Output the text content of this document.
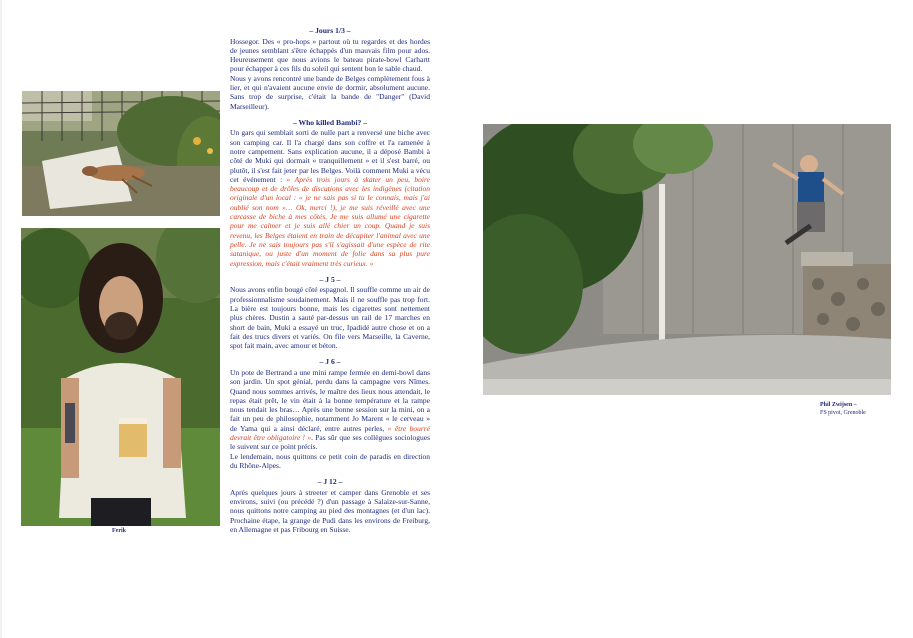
Ferik
Phil Zwijsen –
FS pivot, Grenoble
– Jours 1/3 –

Hossegor. Des « pro-hops » partout où tu regardes et des hordes de jeunes semblant s'être échappés d'un mauvais film pour ados. Heureusement que nous avions le bateau pirate-bowl Carhartt pour échapper à ces fils du soleil qui sentent bon le sable chaud.

Nous y avons rencontré une bande de Belges complètement fous à lier, et qui n'avaient aucune envie de dormir, absolument aucune. Sans trop de surprise, c'était la bande de "Danger" (David Marseilleur).

– Who killed Bambi? –

Un gars qui semblait sorti de nulle part a renversé une biche avec son camping car. Il l'a chargé dans son coffre et l'a ramenée à notre campement. Sans explication aucune, il a déposé Bambi à côté de Muki qui dormait « tranquillement » et il s'est barré, ou plutôt, il s'est fait jeter par les Belges. Voilà comment Muki a vécu cet événement : « Après trois jours à skater un peu, boire beaucoup et de drôles de discutions avec les indigènes (citation originale d'un local : « je ne sais pas si tu le connais, mais j'ai oublié son nom »… Ok, merci !), je me suis réveillé avec une carcasse de biche à mes côtés. Je me suis allumé une cigarette pour me calmer et je suis allé chier un coup. Quand je suis revenu, les Belges étaient en train de décapiter l'animal avec une pelle. Je ne sais toujours pas s'il s'agissait d'une espèce de rite satanique, ou juste d'un moment de folie dans sa plus pure expression, mais c'était vraiment très curieux. »

– J 5 –

Nous avons enfin bougé côté espagnol. Il souffle comme un air de professionnalisme soudainement. Mais il ne souffle pas trop fort. La bière est toujours bonne, mais les cigarettes sont nettement plus chères. Dustin a sauté par-dessus un rail de 17 marches en short de bain, Muki a essayé un truc, Ipadidé autre chose et on a fait des trucs divers et variés. On file vers Marseille, la Caverne, spot fait main, avec amour et béton.

– J 6 –

Un pote de Bertrand a une mini rampe fermée en demi-bowl dans son jardin. Un spot génial, perdu dans la campagne vers Nîmes. Quand nous sommes arrivés, le maître des lieux nous attendait, le repas était prêt, le vin était à la bonne température et la rampe nous tendait les bras… Après une bonne session sur la mini, on a fait un peu de philosophie, notamment Jo Marent « le cerveau » de Yama qui a ainsi déclaré, entre autres perles, « être bourré devrait être obligatoire ! ». Pas sûr que ses collègues sociologues le suivent sur ce point précis.

Le lendemain, nous quittons ce petit coin de paradis en direction du Rhône-Alpes.

– J 12 –

Après quelques jours à streeter et camper dans Grenoble et ses environs, suivi (ou précédé ?) d'un passage à Salaize-sur-Sanne, nous quittons notre camping au pied des montagnes (et d'un lac). Prochaine étape, la grange de Pudi dans les environs de Freiburg, en Allemagne et pas Fribourg en Suisse.
